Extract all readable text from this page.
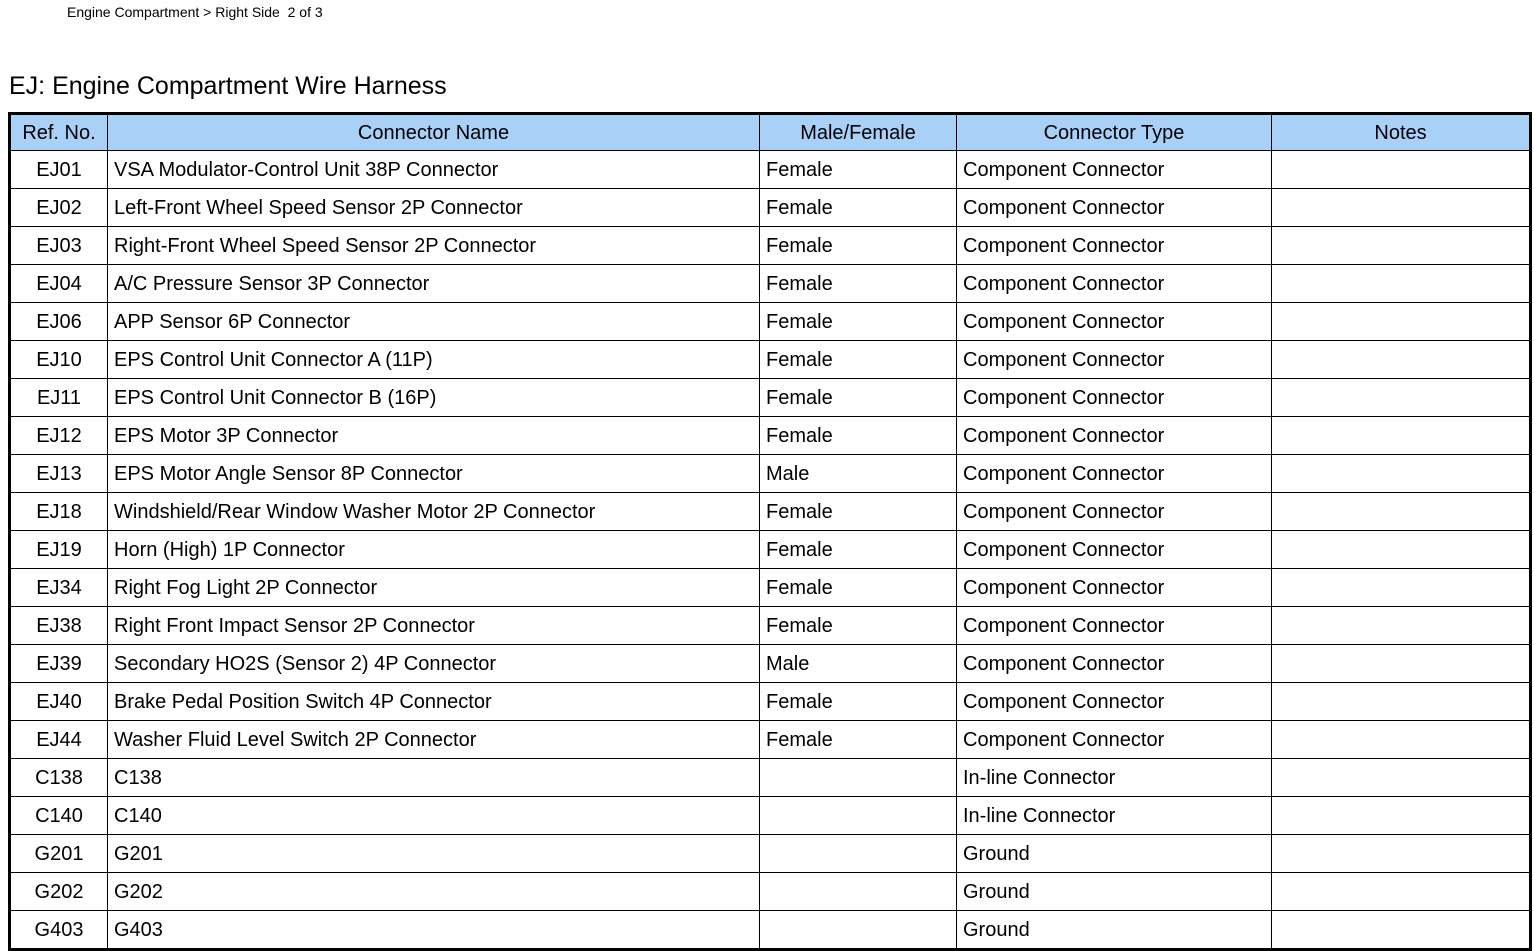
Engine Compartment > Right Side  2 of 3
EJ: Engine Compartment Wire Harness
Ref. No.	Connector Name	Male/Female	Connector Type	Notes
EJ01	VSA Modulator-Control Unit 38P Connector	Female	Component Connector	
EJ02	Left-Front Wheel Speed Sensor 2P Connector	Female	Component Connector	
EJ03	Right-Front Wheel Speed Sensor 2P Connector	Female	Component Connector	
EJ04	A/C Pressure Sensor 3P Connector	Female	Component Connector	
EJ06	APP Sensor 6P Connector	Female	Component Connector	
EJ10	EPS Control Unit Connector A (11P)	Female	Component Connector	
EJ11	EPS Control Unit Connector B (16P)	Female	Component Connector	
EJ12	EPS Motor 3P Connector	Female	Component Connector	
EJ13	EPS Motor Angle Sensor 8P Connector	Male	Component Connector	
EJ18	Windshield/Rear Window Washer Motor 2P Connector	Female	Component Connector	
EJ19	Horn (High) 1P Connector	Female	Component Connector	
EJ34	Right Fog Light 2P Connector	Female	Component Connector	
EJ38	Right Front Impact Sensor 2P Connector	Female	Component Connector	
EJ39	Secondary HO2S (Sensor 2) 4P Connector	Male	Component Connector	
EJ40	Brake Pedal Position Switch 4P Connector	Female	Component Connector	
EJ44	Washer Fluid Level Switch 2P Connector	Female	Component Connector	
C138	C138		In-line Connector	
C140	C140		In-line Connector	
G201	G201		Ground	
G202	G202		Ground	
G403	G403		Ground	
